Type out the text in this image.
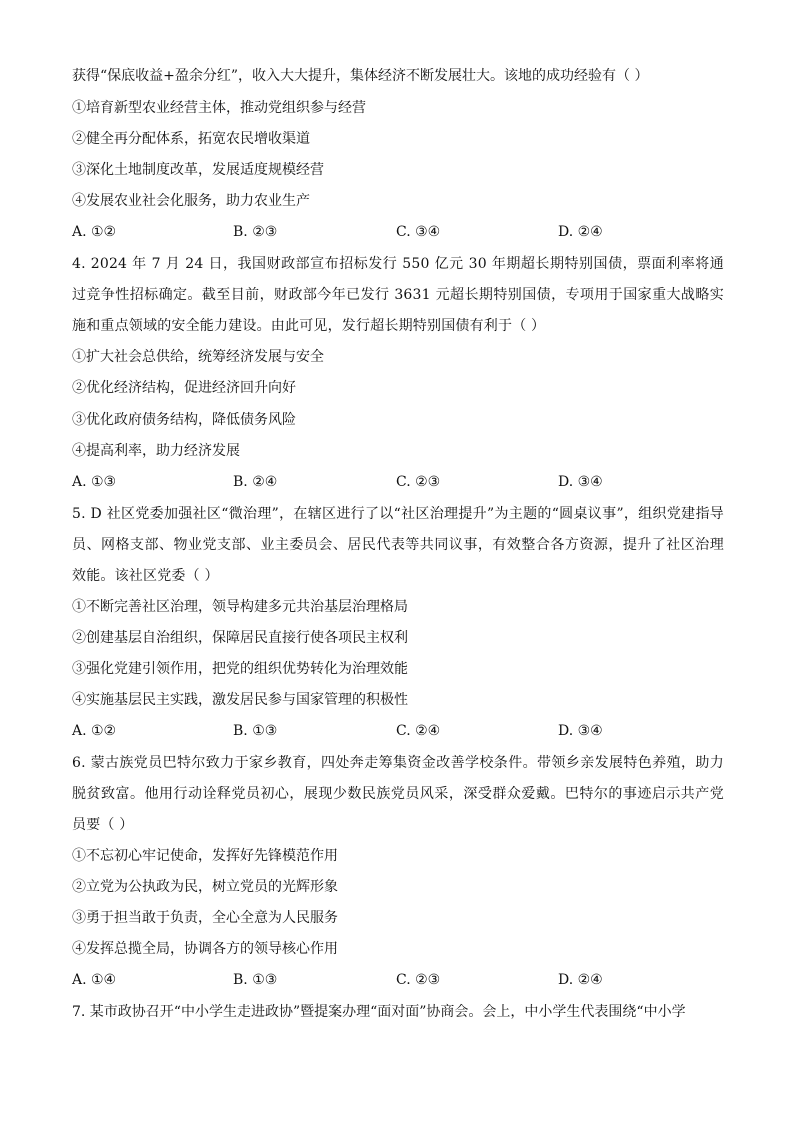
获得“保底收益+盈余分红”，收入大大提升，集体经济不断发展壮大。该地的成功经验有（ ）
①培育新型农业经营主体，推动党组织参与经营
②健全再分配体系，拓宽农民增收渠道
③深化土地制度改革，发展适度规模经营
④发展农业社会化服务，助力农业生产
A. ①②	B. ②③	C. ③④	D. ②④
4. 2024 年 7 月 24 日，我国财政部宣布招标发行 550 亿元 30 年期超长期特别国债，票面利率将通过竞争性招标确定。截至目前，财政部今年已发行 3631 元超长期特别国债，专项用于国家重大战略实施和重点领域的安全能力建设。由此可见，发行超长期特别国债有利于（ ）
①扩大社会总供给，统筹经济发展与安全
②优化经济结构，促进经济回升向好
③优化政府债务结构，降低债务风险
④提高利率，助力经济发展
A. ①③	B. ②④	C. ②③	D. ③④
5. D 社区党委加强社区“微治理”，在辖区进行了以“社区治理提升”为主题的“圆桌议事”，组织党建指导员、网格支部、物业党支部、业主委员会、居民代表等共同议事，有效整合各方资源，提升了社区治理效能。该社区党委（ ）
①不断完善社区治理，领导构建多元共治基层治理格局
②创建基层自治组织，保障居民直接行使各项民主权利
③强化党建引领作用，把党的组织优势转化为治理效能
④实施基层民主实践，激发居民参与国家管理的积极性
A. ①②	B. ①③	C. ②④	D. ③④
6. 蒙古族党员巴特尔致力于家乡教育，四处奔走筹集资金改善学校条件。带领乡亲发展特色养殖，助力脱贫致富。他用行动诠释党员初心，展现少数民族党员风采，深受群众爱戴。巴特尔的事迹启示共产党员要（ ）
①不忘初心牢记使命，发挥好先锋模范作用
②立党为公执政为民，树立党员的光辉形象
③勇于担当敢于负责，全心全意为人民服务
④发挥总揽全局，协调各方的领导核心作用
A. ①④	B. ①③	C. ②③	D. ②④
7. 某市政协召开“中小学生走进政协”暨提案办理“面对面”协商会。会上，中小学生代表围绕“中小学
